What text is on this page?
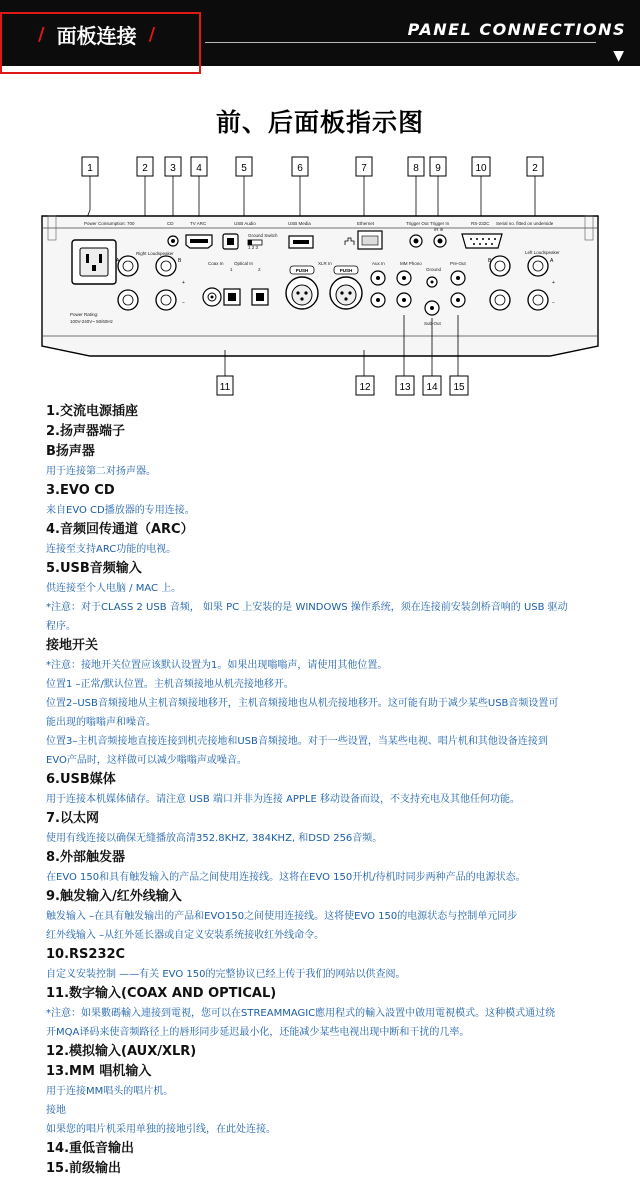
/ 面板连接 /	PANEL CONNECTIONS
▼
前、后面板指示图
1	2 3 4	5	6	7	8 9	10	2
Power Consumption: 700
Right Loudspeaker
CD	TV ARC	USB Audio
Ground Switch
1 2 3
USB Media	Ethernet	Trigger Out Trigger In
IR in
RS-232C Serial no. fitted on underside
Left Loudspeaker
Coax In Optical In	XLR In	Aux In	MM Phono
Ground
Pre-Out
Sub-Out
Power Rating:
100V-240V~ 50/60Hz
1	2
B
A	A
B
+
−
+
−
PUSH	PUSH
11	12	13 14 15
1.交流电源插座
2.扬声器端子
B扬声器
用于连接第二对扬声器。
3.EVO CD
来自EVO CD播放器的专用连接。
4.音频回传通道（ARC）
连接至支持ARC功能的电视。
5.USB音频输入
供连接至个人电脑 / MAC 上。
*注意：对于CLASS 2 USB 音频， 如果 PC 上安装的是 WINDOWS 操作系统，须在连接前安装剑桥音响的 USB 驱动
程序。
接地开关
*注意：接地开关位置应该默认设置为1。如果出现嗡嗡声，请使用其他位置。
位置1 –正常/默认位置。主机音频接地从机壳接地移开。
位置2–USB音频接地从主机音频接地移开，主机音频接地也从机壳接地移开。这可能有助于减少某些USB音频设置可
能出现的嗡嗡声和噪音。
位置3–主机音频接地直接连接到机壳接地和USB音频接地。对于一些设置，当某些电视、唱片机和其他设备连接到
EVO产品时，这样做可以减少嗡嗡声或噪音。
6.USB媒体
用于连接本机媒体储存。请注意 USB 端口并非为连接 APPLE 移动设备而设，不支持充电及其他任何功能。
7.以太网
使用有线连接以确保无缝播放高清352.8KHZ, 384KHZ, 和DSD 256音频。
8.外部触发器
在EVO 150和具有触发输入的产品之间使用连接线。这将在EVO 150开机/待机时同步两种产品的电源状态。
9.触发输入/红外线输入
触发输入 –在具有触发输出的产品和EVO150之间使用连接线。这将使EVO 150的电源状态与控制单元同步
红外线输入 –从红外延长器或自定义安装系统接收红外线命令。
10.RS232C
自定义安装控制 ——有关 EVO 150的完整协议已经上传于我们的网站以供查阅。
11.数字输入(COAX AND OPTICAL)
*注意：如果數碼輸入連接到電視，您可以在STREAMMAGIC應用程式的輸入設置中啟用電視模式。这种模式通过绕
开MQA译码来使音频路径上的唇形同步延迟最小化，还能减少某些电视出现中断和干扰的几率。
12.模拟输入(AUX/XLR)
13.MM 唱机输入
用于连接MM唱头的唱片机。
接地
如果您的唱片机采用单独的接地引线，在此处连接。
14.重低音输出
15.前级输出
